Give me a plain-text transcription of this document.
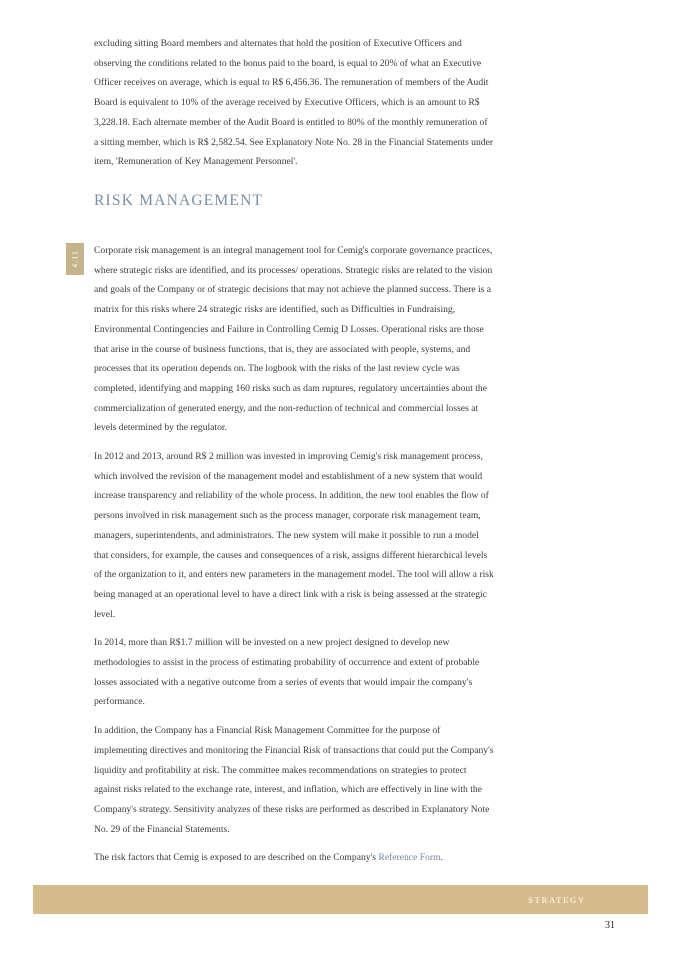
excluding sitting Board members and alternates that hold the position of Executive Officers and observing the conditions related to the bonus paid to the board, is equal to 20% of what an Executive Officer receives on average, which is equal to R$ 6,456.36. The remuneration of members of the Audit Board is equivalent to 10% of the average received by Executive Officers, which is an amount to R$ 3,228.18. Each alternate member of the Audit Board is entitled to 80% of the monthly remuneration of a sitting member, which is R$ 2,582.54. See Explanatory Note No. 28 in the Financial Statements under item, 'Remuneration of Key Management Personnel'.

RISK MANAGEMENT
4.11 Corporate risk management is an integral management tool for Cemig's corporate governance practices, where strategic risks are identified, and its processes/ operations. Strategic risks are related to the vision and goals of the Company or of strategic decisions that may not achieve the planned success. There is a matrix for this risks where 24 strategic risks are identified, such as Difficulties in Fundraising, Environmental Contingencies and Failure in Controlling Cemig D Losses. Operational risks are those that arise in the course of business functions, that is, they are associated with people, systems, and processes that its operation depends on. The logbook with the risks of the last review cycle was completed, identifying and mapping 160 risks such as dam ruptures, regulatory uncertainties about the commercialization of generated energy, and the non-reduction of technical and commercial losses at levels determined by the regulator.

In 2012 and 2013, around R$ 2 million was invested in improving Cemig's risk management process, which involved the revision of the management model and establishment of a new system that would increase transparency and reliability of the whole process. In addition, the new tool enables the flow of persons involved in risk management such as the process manager, corporate risk management team, managers, superintendents, and administrators. The new system will make it possible to run a model that considers, for example, the causes and consequences of a risk, assigns different hierarchical levels of the organization to it, and enters new parameters in the management model. The tool will allow a risk being managed at an operational level to have a direct link with a risk is being assessed at the strategic level.

In 2014, more than R$1.7 million will be invested on a new project designed to develop new methodologies to assist in the process of estimating probability of occurrence and extent of probable losses associated with a negative outcome from a series of events that would impair the company's performance.

In addition, the Company has a Financial Risk Management Committee for the purpose of implementing directives and monitoring the Financial Risk of transactions that could put the Company's liquidity and profitability at risk. The committee makes recommendations on strategies to protect against risks related to the exchange rate, interest, and inflation, which are effectively in line with the Company's strategy. Sensitivity analyzes of these risks are performed as described in Explanatory Note No. 29 of the Financial Statements.

The risk factors that Cemig is exposed to are described on the Company's Reference Form.

STRATEGY
31
